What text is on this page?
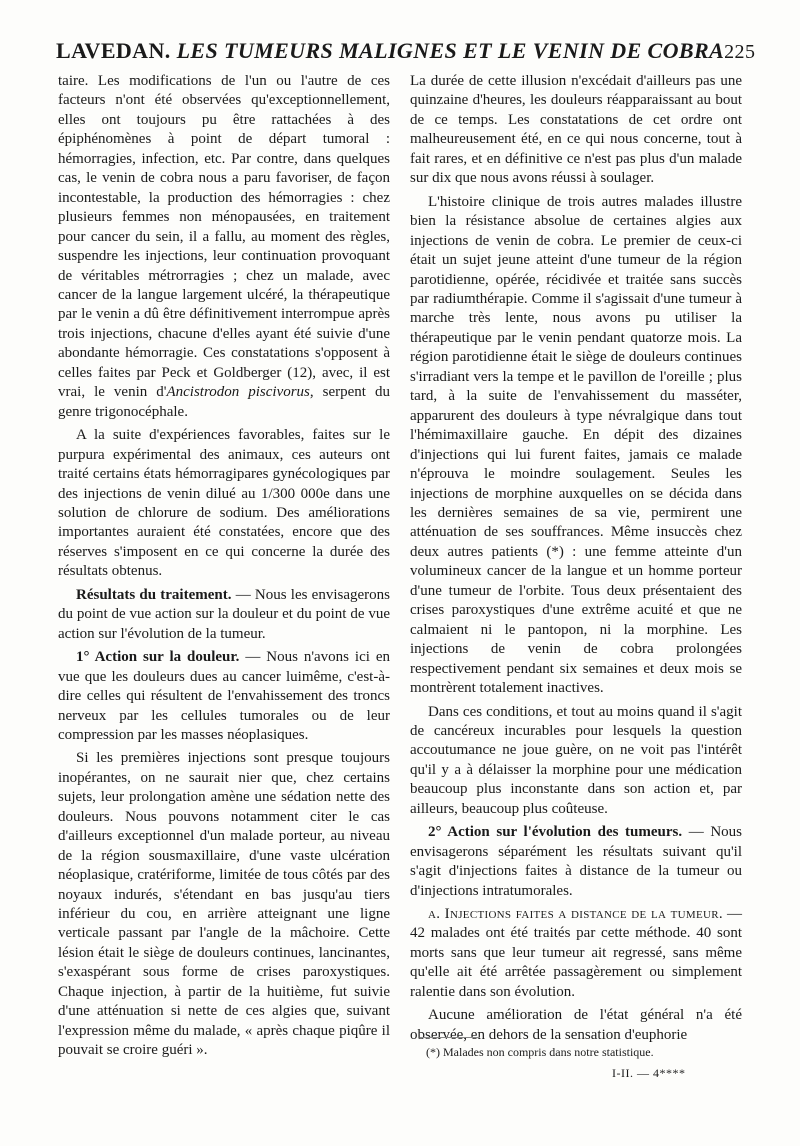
LAVEDAN. LES TUMEURS MALIGNES ET LE VENIN DE COBRA 225

taire. Les modifications de l'un ou l'autre de ces facteurs n'ont été observées qu'exceptionnellement, elles ont toujours pu être rattachées à des épiphénomènes à point de départ tumoral : hémorragies, infection, etc. Par contre, dans quelques cas, le venin de cobra nous a paru favoriser, de façon incontestable, la production des hémorragies : chez plusieurs femmes non ménopausées, en traitement pour cancer du sein, il a fallu, au moment des règles, suspendre les injections, leur continuation provoquant de véritables métrorragies ; chez un malade, avec cancer de la langue largement ulcéré, la thérapeutique par le venin a dû être définitivement interrompue après trois injections, chacune d'elles ayant été suivie d'une abondante hémorragie. Ces constatations s'opposent à celles faites par Peck et Goldberger (12), avec, il est vrai, le venin d'Ancistrodon piscivorus, serpent du genre trigonocéphale.

A la suite d'expériences favorables, faites sur le purpura expérimental des animaux, ces auteurs ont traité certains états hémorragipares gynécologiques par des injections de venin dilué au 1/300 000e dans une solution de chlorure de sodium. Des améliorations importantes auraient été constatées, encore que des réserves s'imposent en ce qui concerne la durée des résultats obtenus.

Résultats du traitement. — Nous les envisagerons du point de vue action sur la douleur et du point de vue action sur l'évolution de la tumeur.

1° Action sur la douleur. — Nous n'avons ici en vue que les douleurs dues au cancer luimême, c'est-à-dire celles qui résultent de l'envahissement des troncs nerveux par les cellules tumorales ou de leur compression par les masses néoplasiques.

Si les premières injections sont presque toujours inopérantes, on ne saurait nier que, chez certains sujets, leur prolongation amène une sédation nette des douleurs. Nous pouvons notamment citer le cas d'ailleurs exceptionnel d'un malade porteur, au niveau de la région sousmaxillaire, d'une vaste ulcération néoplasique, cratériforme, limitée de tous côtés par des noyaux indurés, s'étendant en bas jusqu'au tiers inférieur du cou, en arrière atteignant une ligne verticale passant par l'angle de la mâchoire. Cette lésion était le siège de douleurs continues, lancinantes, s'exaspérant sous forme de crises paroxystiques. Chaque injection, à partir de la huitième, fut suivie d'une atténuation si nette de ces algies que, suivant l'expression même du malade, « après chaque piqûre il pouvait se croire guéri ».

La durée de cette illusion n'excédait d'ailleurs pas une quinzaine d'heures, les douleurs réapparaissant au bout de ce temps. Les constatations de cet ordre ont malheureusement été, en ce qui nous concerne, tout à fait rares, et en définitive ce n'est pas plus d'un malade sur dix que nous avons réussi à soulager.

L'histoire clinique de trois autres malades illustre bien la résistance absolue de certaines algies aux injections de venin de cobra. Le premier de ceux-ci était un sujet jeune atteint d'une tumeur de la région parotidienne, opérée, récidivée et traitée sans succès par radiumthérapie. Comme il s'agissait d'une tumeur à marche très lente, nous avons pu utiliser la thérapeutique par le venin pendant quatorze mois. La région parotidienne était le siège de douleurs continues s'irradiant vers la tempe et le pavillon de l'oreille ; plus tard, à la suite de l'envahissement du masséter, apparurent des douleurs à type névralgique dans tout l'hémimaxillaire gauche. En dépit des dizaines d'injections qui lui furent faites, jamais ce malade n'éprouva le moindre soulagement. Seules les injections de morphine auxquelles on se décida dans les dernières semaines de sa vie, permirent une atténuation de ses souffrances. Même insuccès chez deux autres patients (*) : une femme atteinte d'un volumineux cancer de la langue et un homme porteur d'une tumeur de l'orbite. Tous deux présentaient des crises paroxystiques d'une extrême acuité et que ne calmaient ni le pantopon, ni la morphine. Les injections de venin de cobra prolongées respectivement pendant six semaines et deux mois se montrèrent totalement inactives.

Dans ces conditions, et tout au moins quand il s'agit de cancéreux incurables pour lesquels la question accoutumance ne joue guère, on ne voit pas l'intérêt qu'il y a à délaisser la morphine pour une médication beaucoup plus inconstante dans son action et, par ailleurs, beaucoup plus coûteuse.

2° Action sur l'évolution des tumeurs. — Nous envisagerons séparément les résultats suivant qu'il s'agit d'injections faites à distance de la tumeur ou d'injections intratumorales.

a. Injections faites a distance de la tumeur. — 42 malades ont été traités par cette méthode. 40 sont morts sans que leur tumeur ait regressé, sans même qu'elle ait été arrêtée passagèrement ou simplement ralentie dans son évolution.

Aucune amélioration de l'état général n'a été observée, en dehors de la sensation d'euphorie

(*) Malades non compris dans notre statistique.
I-II. — 4****
